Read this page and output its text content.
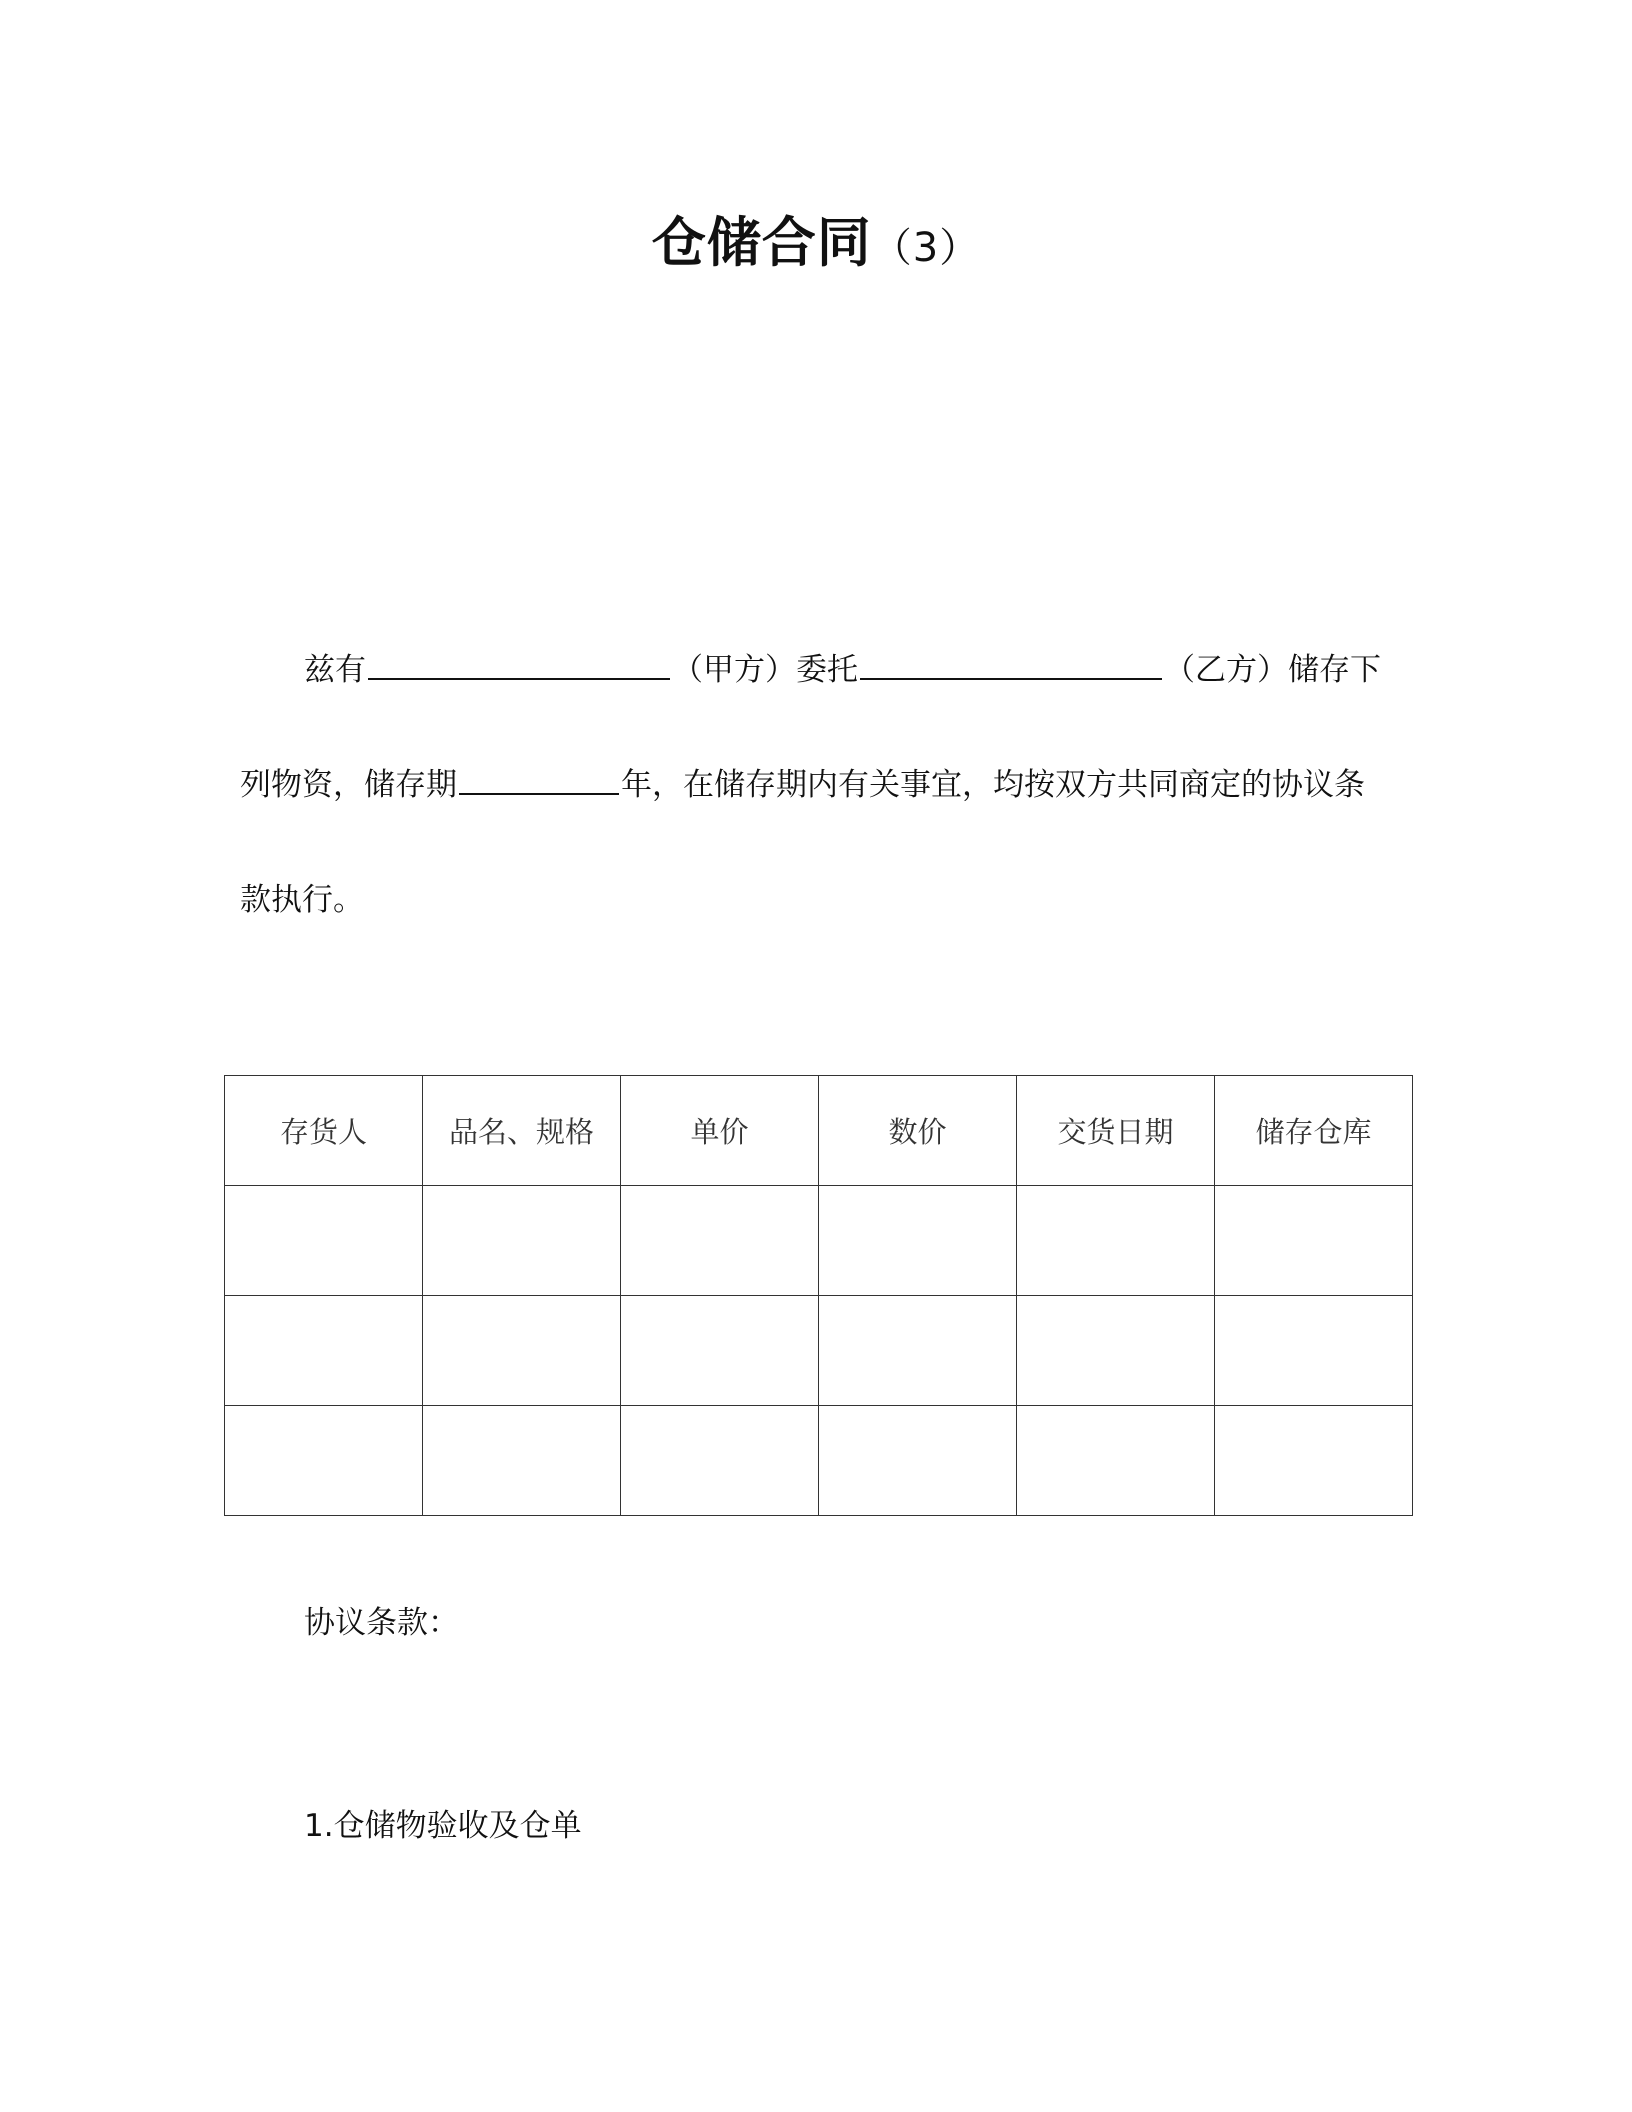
仓储合同（3）
兹有	（甲方）委托	（乙方）储存下
列物资，储存期	年，在储存期内有关事宜，均按双方共同商定的协议条
款执行。
存货人	品名、规格	单价	数价	交货日期	储存仓库

协议条款：
1.仓储物验收及仓单
